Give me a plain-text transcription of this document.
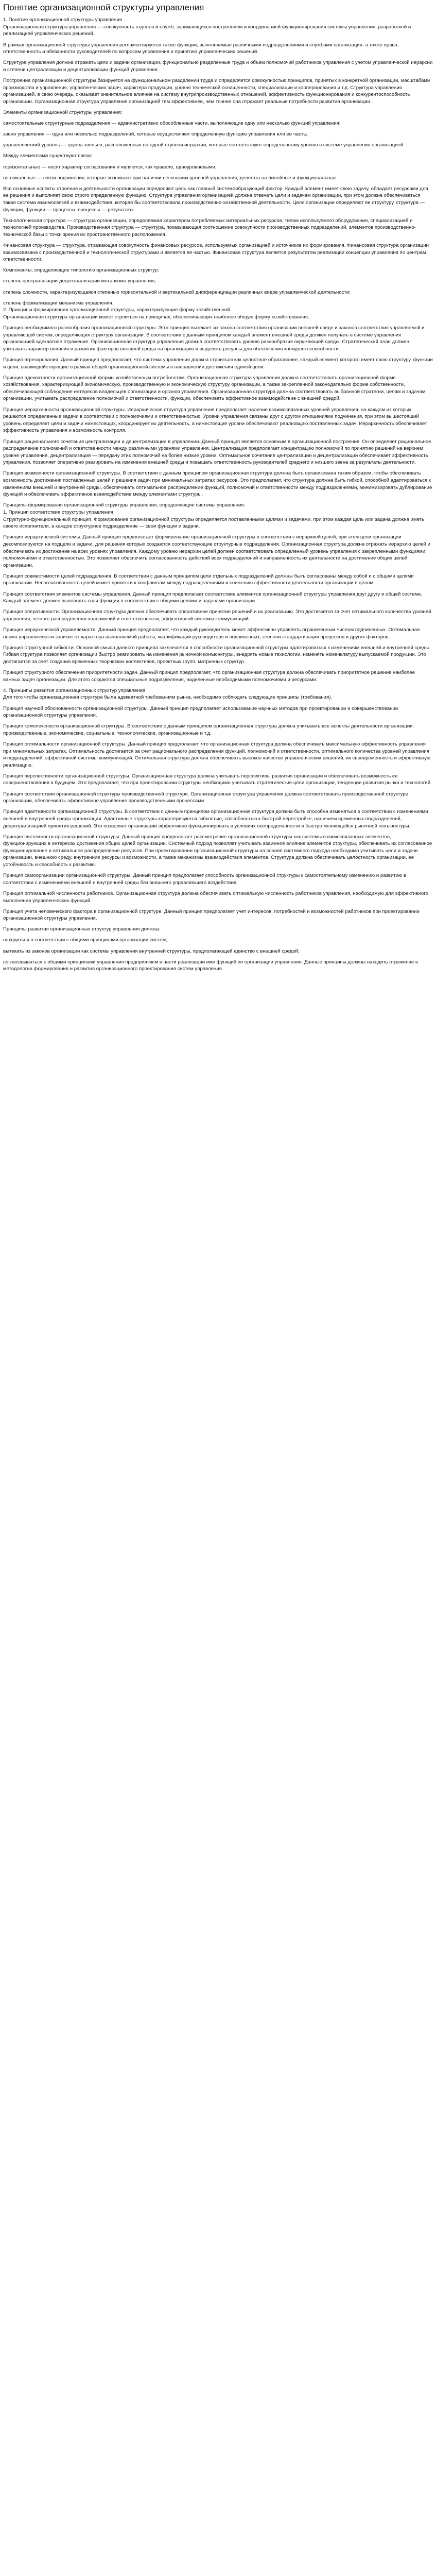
Понятие организационной структуры управления

1. Понятие организационной структуры управления
Организационная структура управления — совокупность отделов и служб, занимающихся построением и координацией функционирования системы управления, разработкой и реализацией управленческих решений.

В рамках организационной структуры управления регламентируется также функции, выполняемые различными подразделениями и службами организации, а также права, ответственность и обязанности руководителей по вопросам управления и принятию управленческих решений.

Структура управления должна отражать цели и задачи организации, функционально разделенные труда и объем полномочий работников управления с учетом управленческой иерархии и степени централизации и децентрализации функций управления.

Построение организационной структуры базируется на функциональном разделении труда и определяется совокупностью принципов, принятых в конкретной организации, масштабами производства и управления, управленческих задач, характера продукции, уровня технической оснащенности, специализации и кооперирования и т.д. Структура управления организацией, в свою очередь, оказывает значительное влияние на систему внутрипроизводственных отношений, эффективность функционирования и конкурентоспособность организации. Организационная структура управления организацией тем эффективнее, чем точнее она отражает реальные потребности развития организации.

Элементы организационной структуры управления:

самостоятельные структурные подразделения — административно обособленные части, выполняющие одну или несколько функций управления;

звено управления — одна или несколько подразделений, которые осуществляют определенную функцию управления или ее часть;

управленческий уровень — группа звеньев, расположенных на одной ступени иерархии, которые соответствуют определенному уровню в системе управления организацией.

Между элементами существуют связи:

горизонтальные — носят характер согласования и являются, как правило, одноуровневыми;

вертикальные — связи подчинения, которые возникают при наличии нескольких уровней управления, делегата на линейные и функциональные.

Все основные аспекты строения и деятельности организации определяют цель как главный системообразующий фактор. Каждый элемент имеет свою задачу, обладает ресурсами для ее решения и выполняет свою строго определенную функцию. Структура управления организацией должна отвечать цели и задачам организации, при этом должна обеспечиваться такая система взаимосвязей и взаимодействия, которая бы соответствовала производственно-хозяйственной деятельности. Цели организации определяют ее структуру, структура — функции, функции — процессы, процессы — результаты.

Технологическая структура — структура организации, определяемая характером потребляемых материальных ресурсов, типом используемого оборудования, специализацией и технологией производства. Производственная структура — структура, показывающая соотношение совокупности производственных подразделений, элементов производственно-технической базы с точки зрения их пространственного расположения.

Финансовая структура — структура, отражающая совокупность финансовых ресурсов, используемых организацией и источников их формирования. Финансовая структура организации взаимосвязана с производственной и технологической структурами и является ее частью. Финансовая структура является результатом реализации концепции управления по центрам ответственности.

Компоненты, определяющие типологию организационных структур:

степень централизации-децентрализации механизма управления;

степень сложности, характеризующаяся степенью горизонтальной и вертикальной дифференциации различных видов управленческой деятельности;

степень формализации механизма управления.
2. Принципы формирования организационной структуры, характеризующие форму хозяйственной
Организационная структура организации может строиться на принципах, обеспечивающих наиболее общую форму хозяйствования.

Принцип необходимого разнообразия организационной структуры. Этот принцип вытекает из закона соответствия организации внешней среде и законов соответствия управляемой и управляющей систем, определяющих структуру организации. В соответствии с данным принципом каждый элемент внешней среды должен получать в системе управления организацией адекватное отражение. Организационная структура управления должна соответствовать уровню разнообразия окружающей среды. Стратегический план должен учитывать характер влияния и развития факторов внешней среды на организацию и выделять ресурсы для обеспечения конкурентоспособности.

Принцип агрегирования. Данный принцип предполагает, что система управления должна строиться как целостное образование, каждый элемент которого имеет свою структуру, функции и цели, взаимодействующие в рамках общей организационной системы в направлении достижения единой цели.

Принцип адекватности организационной формы хозяйственным потребностям. Организационная структура управления должна соответствовать организационной форме хозяйствования, характеризующей экономическую, производственную и экономическую структуру организации, а также закрепленной законодательно форме собственности, обеспечивающей соблюдение интересов владельцев организации и органов управления. Организационная структура должна соответствовать выбранной стратегии, целям и задачам организации, учитывать распределение полномочий и ответственности, функции, обеспечивать эффективное взаимодействие с внешней средой.

Принцип иерархичности организационной структуры. Иерархическая структура управления предполагает наличие взаимосвязанных уровней управления, на каждом из которых решаются определенные задачи в соответствии с полномочиями и ответственностью. Уровни управления связаны друг с другом отношениями подчинения, при этом вышестоящий уровень определяет цели и задачи нижестоящих, координирует их деятельность, а нижестоящие уровни обеспечивают реализацию поставленных задач. Иерархичность обеспечивает эффективность управления и возможность контроля.

Принцип рационального сочетания централизации и децентрализации в управлении. Данный принцип является основным в организационной построения. Он определяет рациональное распределение полномочий и ответственности между различными уровнями управления. Централизация предполагает концентрацию полномочий по принятию решений на верхнем уровне управления, децентрализация — передачу этих полномочий на более низкие уровни. Оптимальное сочетание централизации и децентрализации обеспечивает эффективность управления, позволяет оперативно реагировать на изменения внешней среды и повышать ответственность руководителей среднего и низшего звена за результаты деятельности.

Принцип возможности организационной структуры. В соответствии с данным принципом организационная структура должна быть организована таким образом, чтобы обеспечивать возможность достижения поставленных целей и решения задач при минимальных затратах ресурсов. Это предполагает, что структура должна быть гибкой, способной адаптироваться к изменениям внешней и внутренней среды, обеспечивать оптимальное распределение функций, полномочий и ответственности между подразделениями, минимизировать дублирование функций и обеспечивать эффективное взаимодействие между элементами структуры.

Принципы формирования организационной структуры управления, определяющие системы управления:
1. Принцип соответствия структуры управления
Структурно-функциональный принцип. Формирование организационной структуры определяется поставленными целями и задачами, при этом каждая цель или задача должна иметь своего исполнителя, а каждое структурное подразделение — свои функции и задачи.

Принцип иерархической системы. Данный принцип предполагает формирование организационной структуры в соответствии с иерархией целей, при этом цели организации декомпозируются на подцели и задачи, для решения которых создаются соответствующие структурные подразделения. Организационная структура должна отражать иерархию целей и обеспечивать их достижение на всех уровнях управления. Каждому уровню иерархии целей должен соответствовать определенный уровень управления с закрепленными функциями, полномочиями и ответственностью. Это позволяет обеспечить согласованность действий всех подразделений и направленность их деятельности на достижение общих целей организации.

Принцип совместимости целей подразделения. В соответствии с данным принципом цели отдельных подразделений должны быть согласованы между собой и с общими целями организации. Несогласованность целей может привести к конфликтам между подразделениями и снижению эффективности деятельности организации в целом.

Принцип соответствия элементов системы управления. Данный принцип предполагает соответствие элементов организационной структуры управления друг другу и общей системе. Каждый элемент должен выполнять свои функции в соответствии с общими целями и задачами организации.

Принцип оперативности. Организационная структура должна обеспечивать оперативное принятие решений и их реализацию. Это достигается за счет оптимального количества уровней управления, четкого распределения полномочий и ответственности, эффективной системы коммуникаций.

Принцип иерархической управляемости. Данный принцип предполагает, что каждый руководитель может эффективно управлять ограниченным числом подчиненных. Оптимальная норма управляемости зависит от характера выполняемой работы, квалификации руководителя и подчиненных, степени стандартизации процессов и других факторов.

Принцип структурной гибкости. Основной смысл данного принципа заключается в способности организационной структуры адаптироваться к изменениям внешней и внутренней среды. Гибкая структура позволяет организации быстро реагировать на изменения рыночной конъюнктуры, внедрять новые технологии, изменять номенклатуру выпускаемой продукции. Это достигается за счет создания временных творческих коллективов, проектных групп, матричных структур.

Принцип структурного обеспечения приоритетности задач. Данный принцип предполагает, что организационная структура должна обеспечивать приоритетное решение наиболее важных задач организации. Для этого создаются специальные подразделения, наделенные необходимыми полномочиями и ресурсами.

4. Принципы развития организационных структур управления
Для того чтобы организационная структура была адекватной требованиям рынка, необходимо соблюдать следующие принципы (требования).

Принцип научной обоснованности организационной структуры. Данный принцип предполагает использование научных методов при проектировании и совершенствовании организационной структуры управления.

Принцип комплексности организационной структуры. В соответствии с данным принципом организационная структура должна учитывать все аспекты деятельности организации: производственные, экономические, социальные, технологические, организационные и т.д.

Принцип оптимальности организационной структуры. Данный принцип предполагает, что организационная структура должна обеспечивать максимальную эффективность управления при минимальных затратах. Оптимальность достигается за счет рационального распределения функций, полномочий и ответственности, оптимального количества уровней управления и подразделений, эффективной системы коммуникаций. Оптимальная структура должна обеспечивать высокое качество управленческих решений, их своевременность и эффективную реализацию.

Принцип перспективности организационной структуры. Организационная структура должна учитывать перспективы развития организации и обеспечивать возможность ее совершенствования в будущем. Это предполагает, что при проектировании структуры необходимо учитывать стратегические цели организации, тенденции развития рынка и технологий.

Принцип соответствия организационной структуры производственной структуре. Организационная структура управления должна соответствовать производственной структуре организации, обеспечивать эффективное управление производственными процессами.

Принцип адаптивности организационной структуры. В соответствии с данным принципом организационная структура должна быть способна изменяться в соответствии с изменениями внешней и внутренней среды организации. Адаптивные структуры характеризуются гибкостью, способностью к быстрой перестройке, наличием временных подразделений, децентрализацией принятия решений. Это позволяет организации эффективно функционировать в условиях неопределенности и быстро меняющейся рыночной конъюнктуры.

Принцип системности организационной структуры. Данный принцип предполагает рассмотрение организационной структуры как системы взаимосвязанных элементов, функционирующих в интересах достижения общих целей организации. Системный подход позволяет учитывать взаимное влияние элементов структуры, обеспечивать их согласованное функционирование и оптимальное распределение ресурсов. При проектировании организационной структуры на основе системного подхода необходимо учитывать цели и задачи организации, внешнюю среду, внутренние ресурсы и возможности, а также механизмы взаимодействия элементов. Структура должна обеспечивать целостность организации, ее устойчивость и способность к развитию.

Принцип самоорганизации организационной структуры. Данный принцип предполагает способность организационной структуры к самостоятельному изменению и развитию в соответствии с изменениями внешней и внутренней среды без внешнего управляющего воздействия.

Принцип оптимальной численности работников. Организационная структура должна обеспечивать оптимальную численность работников управления, необходимую для эффективного выполнения управленческих функций.

Принцип учета человеческого фактора в организационной структуре. Данный принцип предполагает учет интересов, потребностей и возможностей работников при проектировании организационной структуры управления.

Принципы развития организационных структур управления должны:

находиться в соответствии с общими принципами организации систем;

вытекать из законов организации как системы управления внутренней структуры, предполагающей единство с внешней средой;

согласовываться с общими принципами управления предприятием в части реализации ими функций по организации управления. Данные принципы должны находить отражение в методологии формирования и развития организационного проектирования систем управления.
